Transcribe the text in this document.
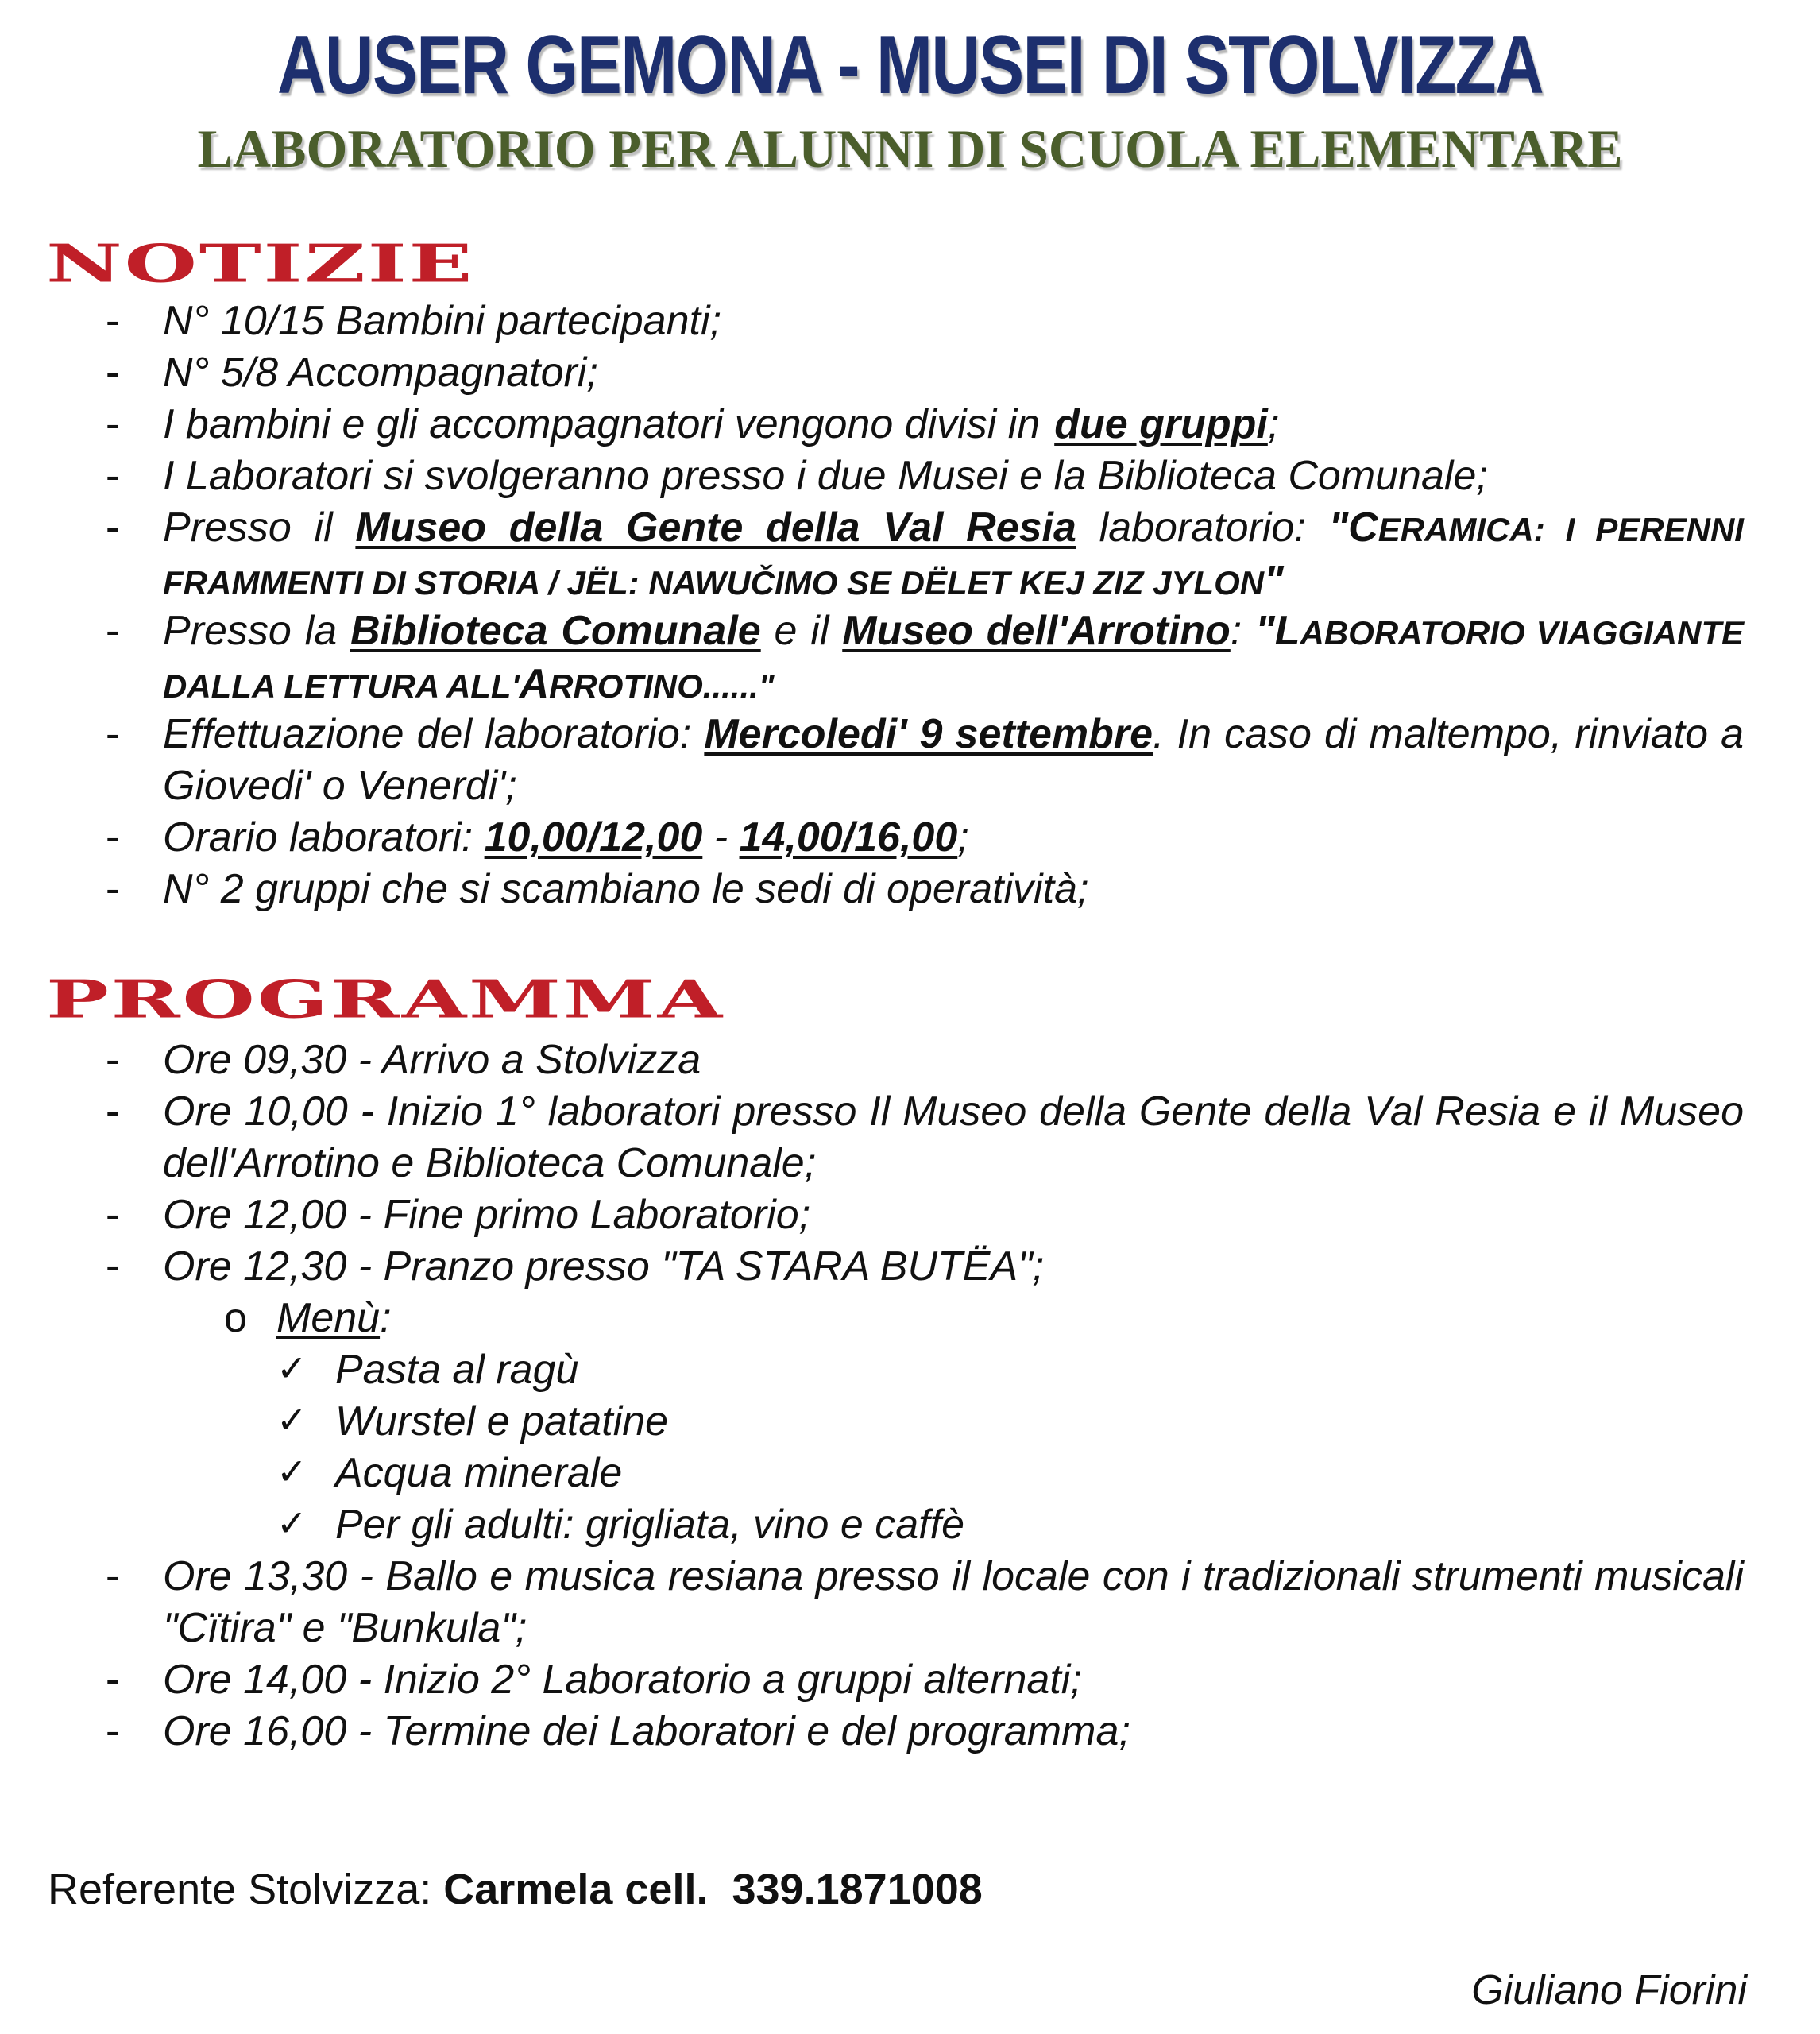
AUSER GEMONA - MUSEI DI STOLVIZZA
LABORATORIO PER ALUNNI DI SCUOLA ELEMENTARE
NOTIZIE
- N° 10/15 Bambini partecipanti;
- N° 5/8 Accompagnatori;
- I bambini e gli accompagnatori vengono divisi in due gruppi;
- I Laboratori si svolgeranno presso i due Musei e la Biblioteca Comunale;
- Presso il Museo della Gente della Val Resia laboratorio: "CERAMICA: I PERENNI FRAMMENTI DI STORIA / JËL: NAWUČIMO SE DËLET KEJ ZIZ JYLON"
- Presso la Biblioteca Comunale e il Museo dell'Arrotino: "LABORATORIO VIAGGIANTE DALLA LETTURA ALL'ARROTINO......"
- Effettuazione del laboratorio: Mercoledi' 9 settembre. In caso di maltempo, rinviato a Giovedi' o Venerdi';
- Orario laboratori: 10,00/12,00 - 14,00/16,00;
- N° 2 gruppi che si scambiano le sedi di operatività;
PROGRAMMA
- Ore 09,30 - Arrivo a Stolvizza
- Ore 10,00 - Inizio 1° laboratori presso Il Museo della Gente della Val Resia e il Museo dell'Arrotino e Biblioteca Comunale;
- Ore 12,00 - Fine primo Laboratorio;
- Ore 12,30 - Pranzo presso "TA STARA BUTËA";
o Menù:
✓ Pasta al ragù
✓ Wurstel e patatine
✓ Acqua minerale
✓ Per gli adulti: grigliata, vino e caffè
- Ore 13,30 - Ballo e musica resiana presso il locale con i tradizionali strumenti musicali "Cïtira" e "Bunkula";
- Ore 14,00 - Inizio 2° Laboratorio a gruppi alternati;
- Ore 16,00 - Termine dei Laboratori e del programma;
Referente Stolvizza: Carmela cell. 339.1871008
Giuliano Fiorini
